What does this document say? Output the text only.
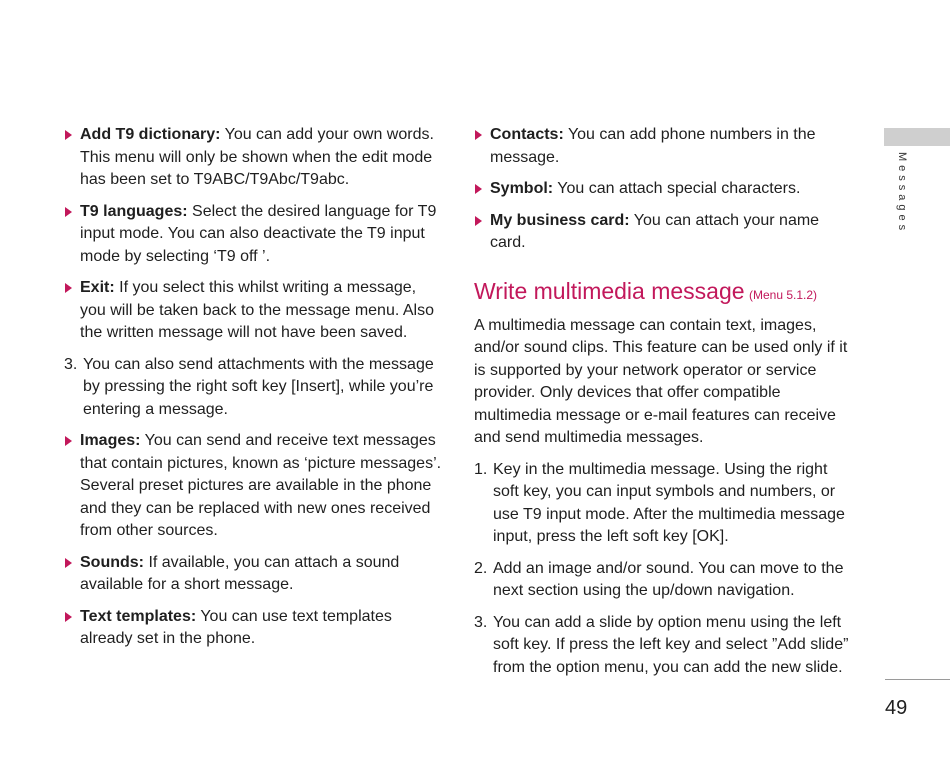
Add T9 dictionary: You can add your own words. This menu will only be shown when the edit mode has been set to T9ABC/T9Abc/T9abc.
T9 languages: Select the desired language for T9 input mode. You can also deactivate the T9 input mode by selecting ‘T9 off ’.
Exit: If you select this whilst writing a message, you will be taken back to the message menu. Also the written message will not have been saved.
3. You can also send attachments with the message by pressing the right soft key [Insert], while you’re entering a message.
Images: You can send and receive text messages that contain pictures, known as ‘picture messages’. Several preset pictures are available in the phone and they can be replaced with new ones received from other sources.
Sounds: If available, you can attach a sound available for a short message.
Text templates: You can use text templates already set in the phone.
Contacts: You can add phone numbers in the message.
Symbol: You can attach special characters.
My business card: You can attach your name card.
Write multimedia message (Menu 5.1.2)
A multimedia message can contain text, images, and/or sound clips. This feature can be used only if it is supported by your network operator or service provider. Only devices that offer compatible multimedia message or e-mail features can receive and send multimedia messages.
1. Key in the multimedia message. Using the right soft key, you can input symbols and numbers, or use T9 input mode. After the multimedia message input, press the left soft key [OK].
2. Add an image and/or sound. You can move to the next section using the up/down navigation.
3. You can add a slide by option menu using the left soft key. If press the left key and select ”Add slide” from the option menu, you can add the new slide.
Messages
49
